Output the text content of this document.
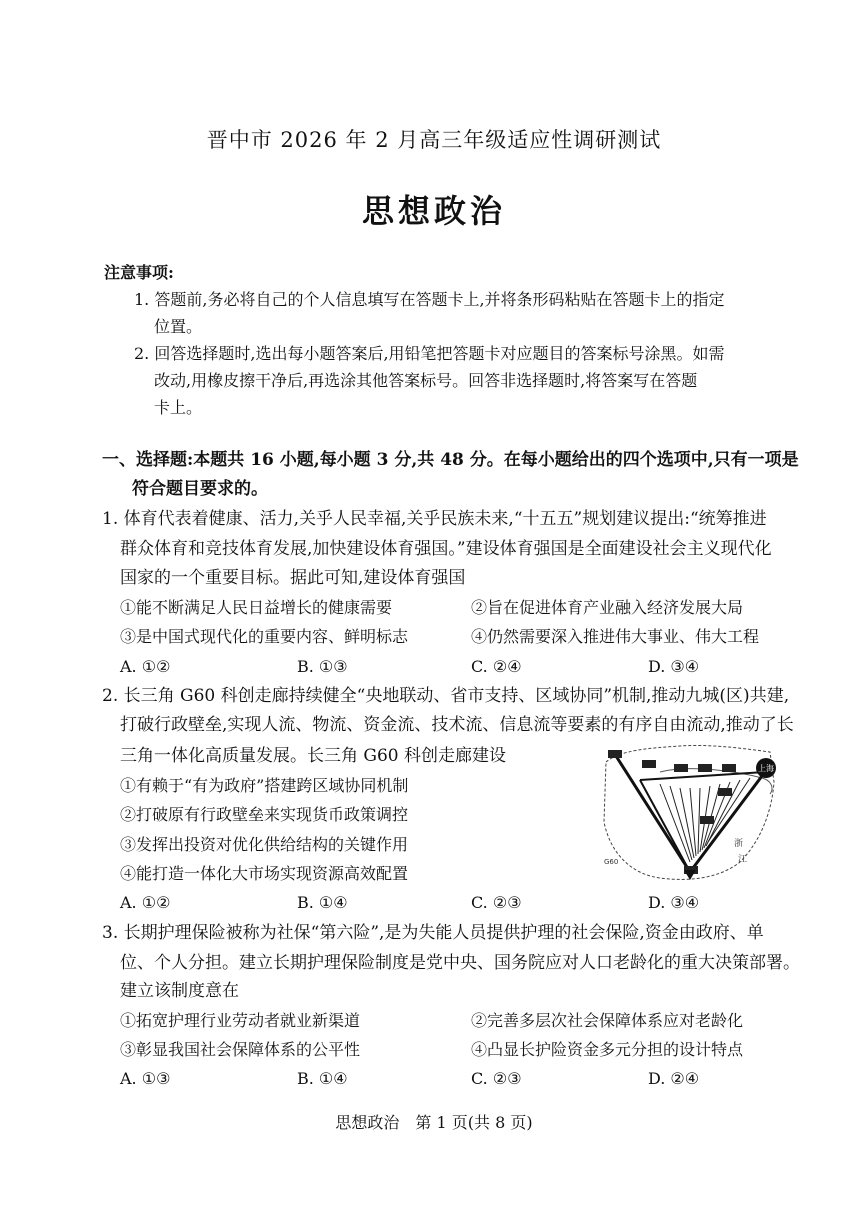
晋中市 2026 年 2 月高三年级适应性调研测试
思想政治
注意事项:
1. 答题前,务必将自己的个人信息填写在答题卡上,并将条形码粘贴在答题卡上的指定
位置。
2. 回答选择题时,选出每小题答案后,用铅笔把答题卡对应题目的答案标号涂黑。如需
改动,用橡皮擦干净后,再选涂其他答案标号。回答非选择题时,将答案写在答题
卡上。
一、选择题:本题共 16 小题,每小题 3 分,共 48 分。在每小题给出的四个选项中,只有一项是
符合题目要求的。
1. 体育代表着健康、活力,关乎人民幸福,关乎民族未来,“十五五”规划建议提出:“统筹推进
群众体育和竞技体育发展,加快建设体育强国。”建设体育强国是全面建设社会主义现代化
国家的一个重要目标。据此可知,建设体育强国
①能不断满足人民日益增长的健康需要	②旨在促进体育产业融入经济发展大局
③是中国式现代化的重要内容、鲜明标志	④仍然需要深入推进伟大事业、伟大工程
A. ①②	B. ①③	C. ②④	D. ③④
2. 长三角 G60 科创走廊持续健全“央地联动、省市支持、区域协同”机制,推动九城(区)共建,
打破行政壁垒,实现人流、物流、资金流、技术流、信息流等要素的有序自由流动,推动了长
三角一体化高质量发展。长三角 G60 科创走廊建设
①有赖于“有为政府”搭建跨区域协同机制
②打破原有行政壁垒来实现货币政策调控
③发挥出投资对优化供给结构的关键作用
④能打造一体化大市场实现资源高效配置
A. ①②	B. ①④	C. ②③	D. ③④
上海
G60
浙
江
3. 长期护理保险被称为社保“第六险”,是为失能人员提供护理的社会保险,资金由政府、单
位、个人分担。建立长期护理保险制度是党中央、国务院应对人口老龄化的重大决策部署。
建立该制度意在
①拓宽护理行业劳动者就业新渠道	②完善多层次社会保障体系应对老龄化
③彰显我国社会保障体系的公平性	④凸显长护险资金多元分担的设计特点
A. ①③	B. ①④	C. ②③	D. ②④
思想政治　第 1 页(共 8 页)
